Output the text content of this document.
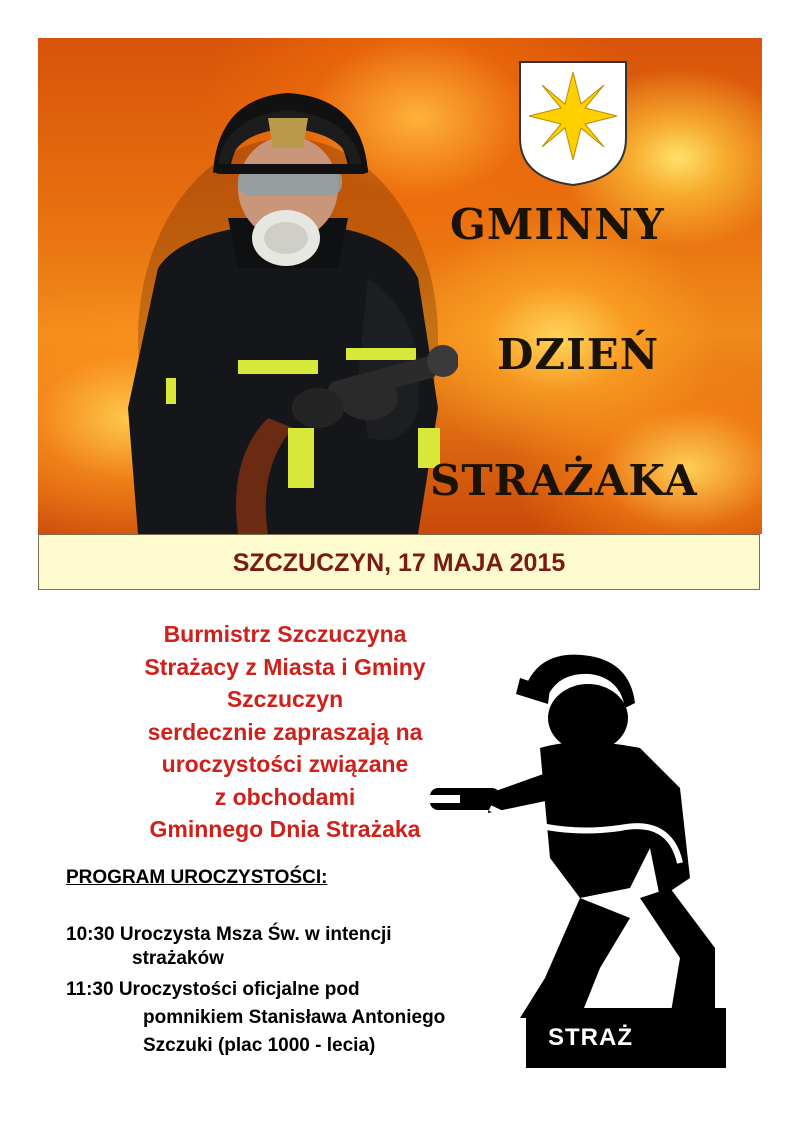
GMINNY
DZIEŃ
STRAŻAKA
SZCZUCZYN, 17 MAJA 2015
Burmistrz Szczuczyna
Strażacy z Miasta i Gminy
Szczuczyn
serdecznie zapraszają na
uroczystości związane
z obchodami
Gminnego Dnia Strażaka
STRAŻ
PROGRAM UROCZYSTOŚCI:
10:30 Uroczysta Msza Św. w intencji
strażaków
11:30 Uroczystości oficjalne pod
pomnikiem Stanisława Antoniego
Szczuki (plac 1000 - lecia)
